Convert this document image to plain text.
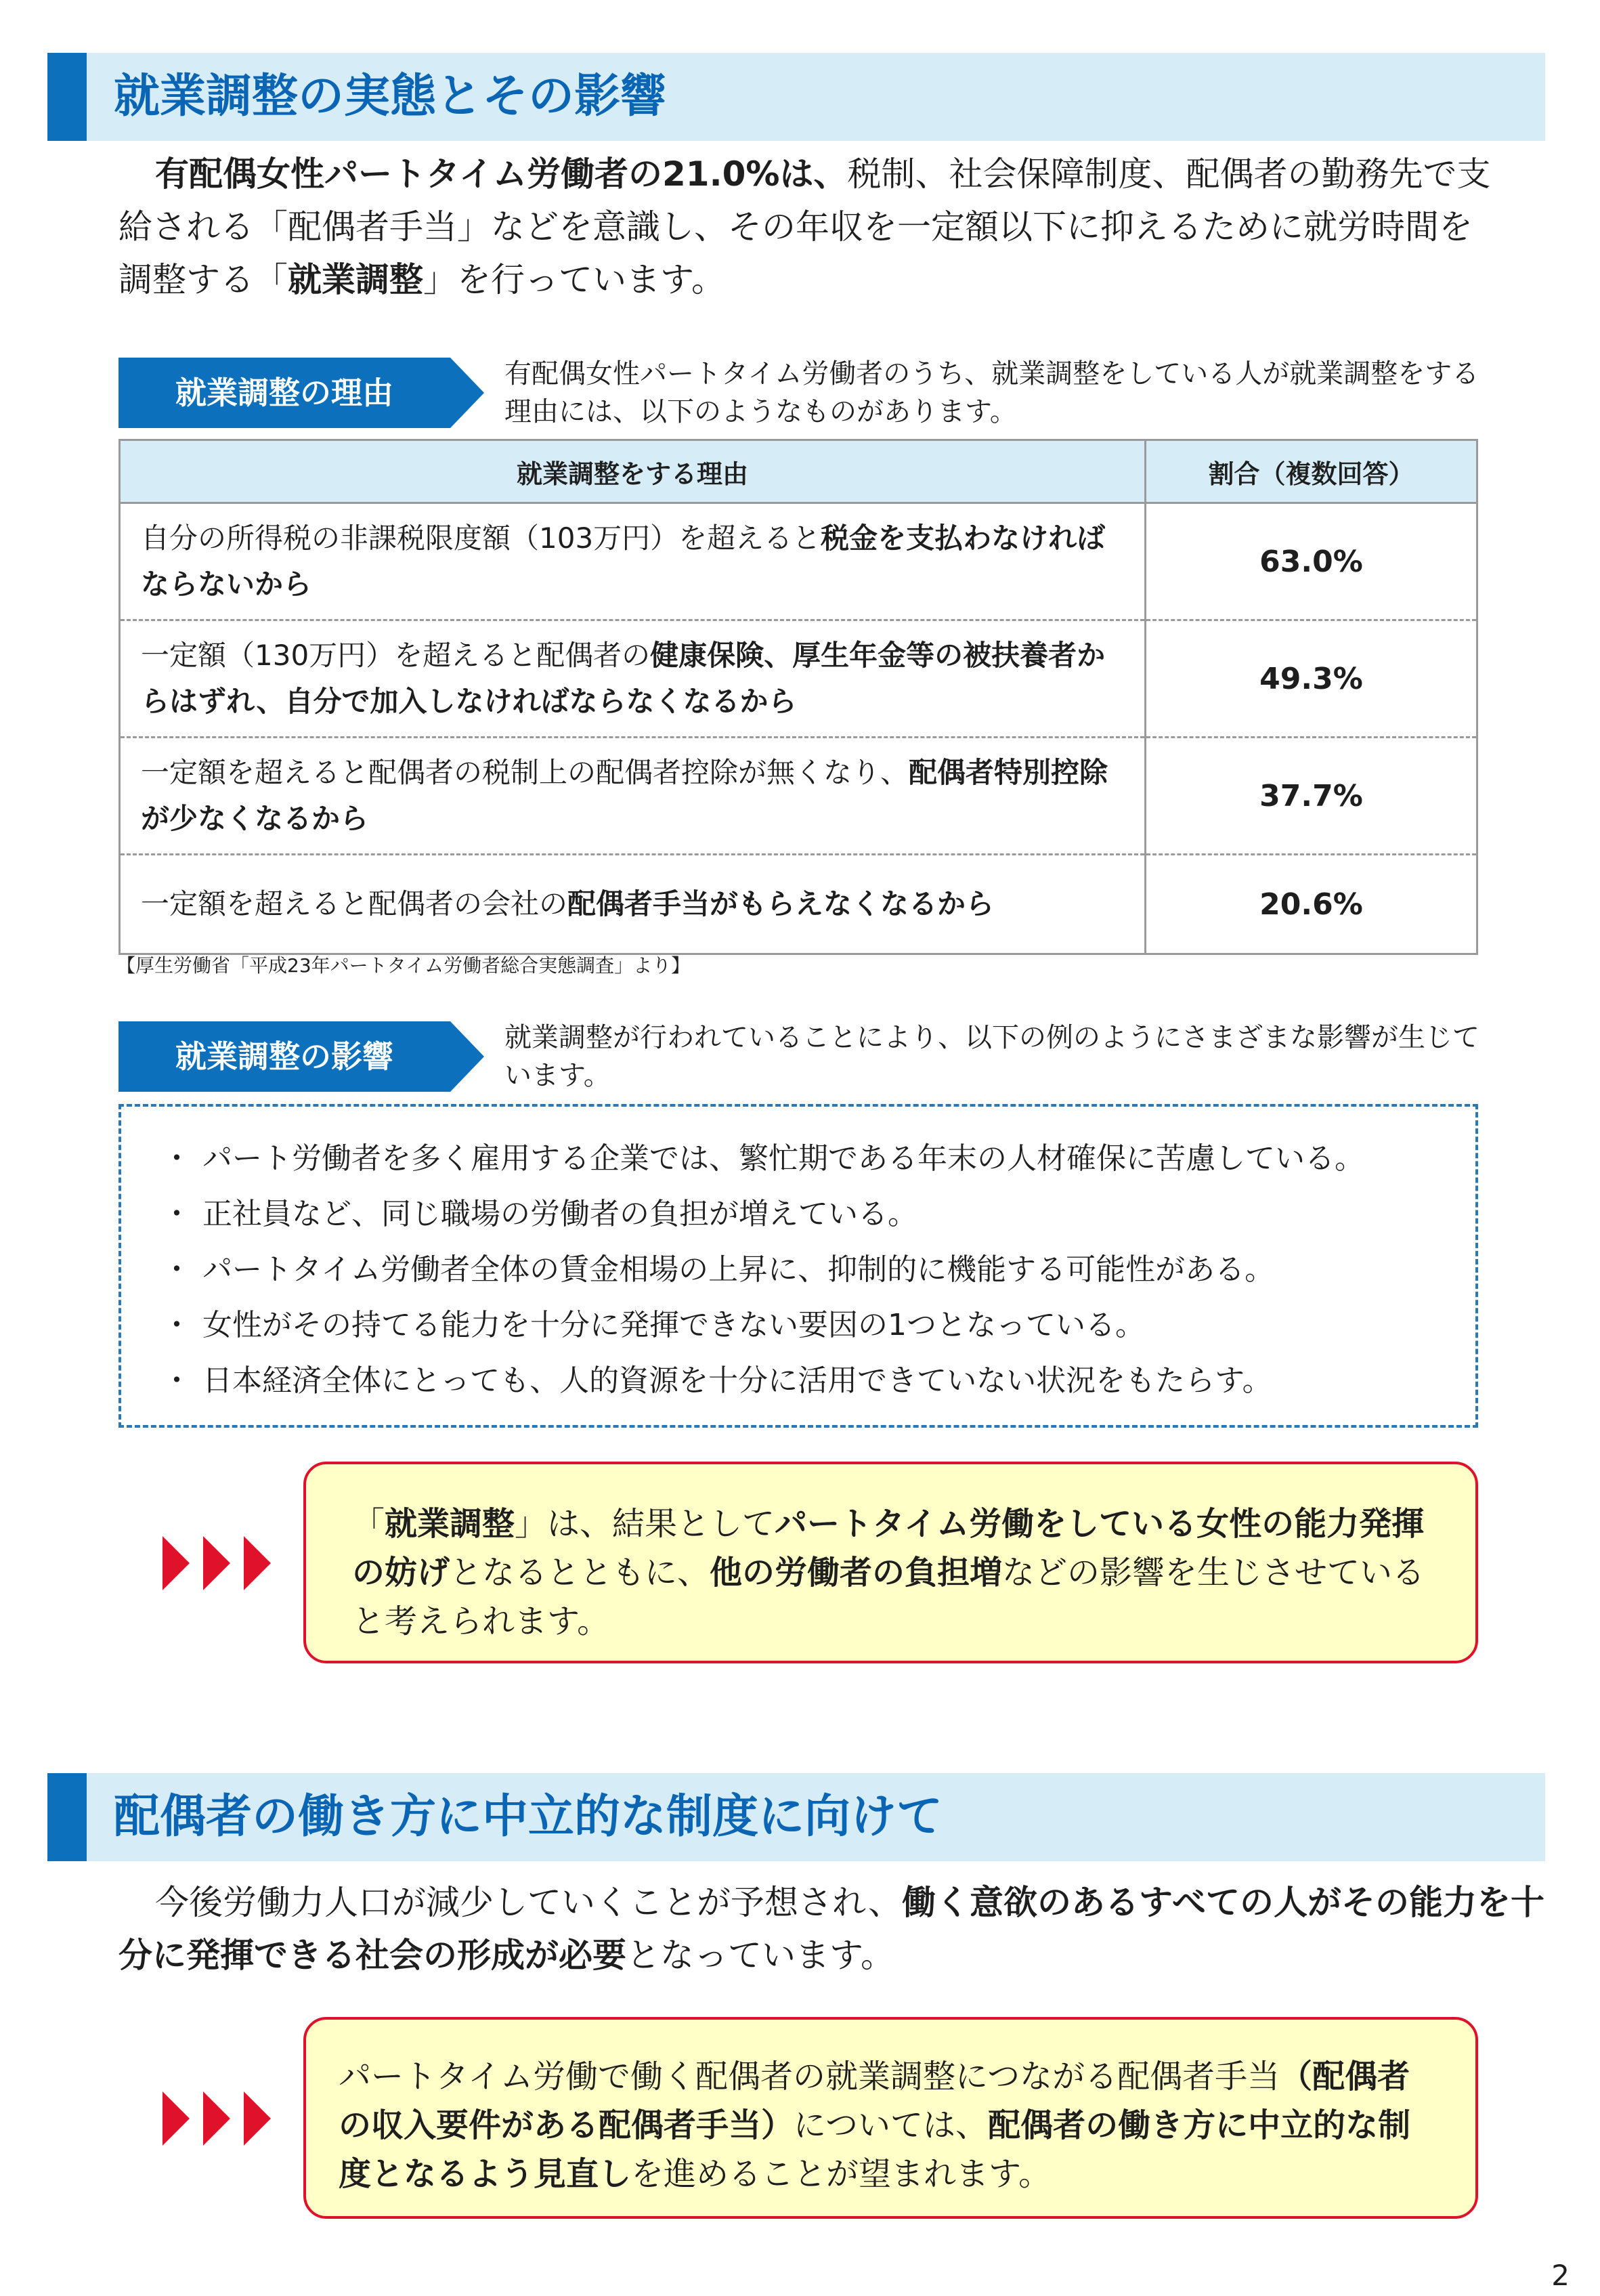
就業調整の実態とその影響
有配偶女性パートタイム労働者の21.0%は、税制、社会保障制度、配偶者の勤務先で支給される「配偶者手当」などを意識し、その年収を一定額以下に抑えるために就労時間を調整する「就業調整」を行っています。
就業調整の理由
有配偶女性パートタイム労働者のうち、就業調整をしている人が就業調整をする理由には、以下のようなものがあります。
就業調整をする理由	割合（複数回答）
自分の所得税の非課税限度額（103万円）を超えると税金を支払わなければならないから	63.0%
一定額（130万円）を超えると配偶者の健康保険、厚生年金等の被扶養者からはずれ、自分で加入しなければならなくなるから	49.3%
一定額を超えると配偶者の税制上の配偶者控除が無くなり、配偶者特別控除が少なくなるから	37.7%
一定額を超えると配偶者の会社の配偶者手当がもらえなくなるから	20.6%
【厚生労働省「平成23年パートタイム労働者総合実態調査」より】
就業調整の影響
就業調整が行われていることにより、以下の例のようにさまざまな影響が生じています。
・ パート労働者を多く雇用する企業では、繁忙期である年末の人材確保に苦慮している。
・ 正社員など、同じ職場の労働者の負担が増えている。
・ パートタイム労働者全体の賃金相場の上昇に、抑制的に機能する可能性がある。
・ 女性がその持てる能力を十分に発揮できない要因の1つとなっている。
・ 日本経済全体にとっても、人的資源を十分に活用できていない状況をもたらす。

「就業調整」は、結果としてパートタイム労働をしている女性の能力発揮の妨げとなるとともに、他の労働者の負担増などの影響を生じさせていると考えられます。

配偶者の働き方に中立的な制度に向けて
今後労働力人口が減少していくことが予想され、働く意欲のあるすべての人がその能力を十分に発揮できる社会の形成が必要となっています。

パートタイム労働で働く配偶者の就業調整につながる配偶者手当（配偶者の収入要件がある配偶者手当）については、配偶者の働き方に中立的な制度となるよう見直しを進めることが望まれます。

2
